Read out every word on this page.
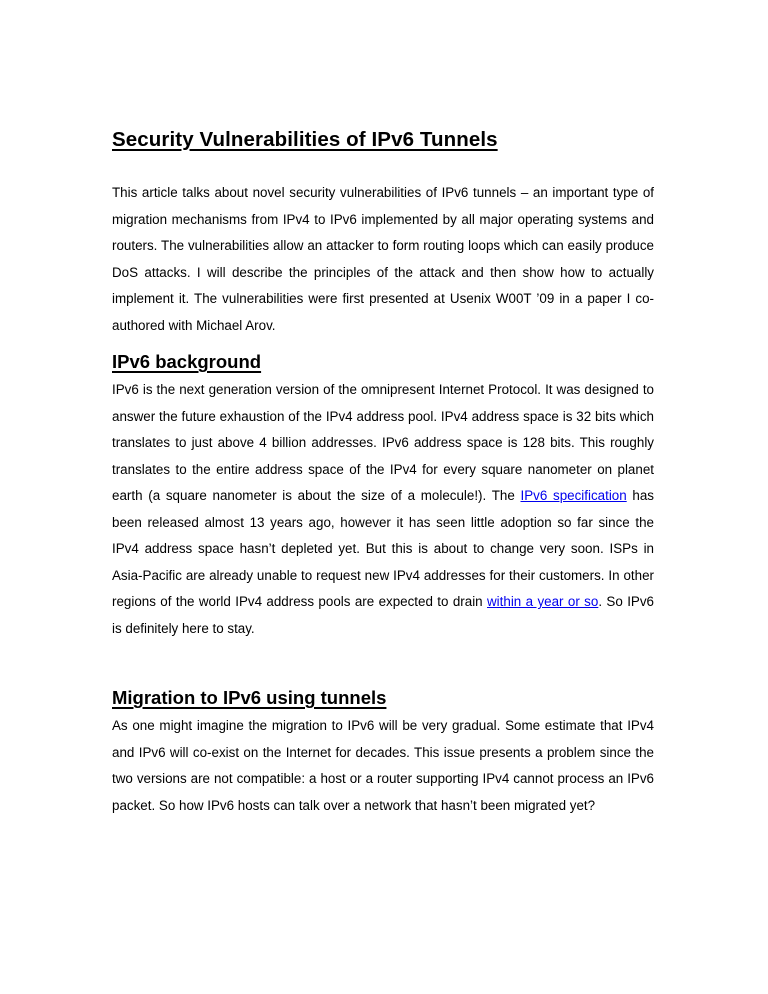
Security Vulnerabilities of IPv6 Tunnels

This article talks about novel security vulnerabilities of IPv6 tunnels – an important type of migration mechanisms from IPv4 to IPv6 implemented by all major operating systems and routers. The vulnerabilities allow an attacker to form routing loops which can easily produce DoS attacks. I will describe the principles of the attack and then show how to actually implement it. The vulnerabilities were first presented at Usenix W00T ’09 in a paper I co-authored with Michael Arov.

IPv6 background

IPv6 is the next generation version of the omnipresent Internet Protocol. It was designed to answer the future exhaustion of the IPv4 address pool. IPv4 address space is 32 bits which translates to just above 4 billion addresses. IPv6 address space is 128 bits. This roughly translates to the entire address space of the IPv4 for every square nanometer on planet earth (a square nanometer is about the size of a molecule!). The IPv6 specification has been released almost 13 years ago, however it has seen little adoption so far since the IPv4 address space hasn’t depleted yet. But this is about to change very soon. ISPs in Asia-Pacific are already unable to request new IPv4 addresses for their customers. In other regions of the world IPv4 address pools are expected to drain within a year or so. So IPv6 is definitely here to stay.

Migration to IPv6 using tunnels

As one might imagine the migration to IPv6 will be very gradual. Some estimate that IPv4 and IPv6 will co-exist on the Internet for decades. This issue presents a problem since the two versions are not compatible: a host or a router supporting IPv4 cannot process an IPv6 packet. So how IPv6 hosts can talk over a network that hasn’t been migrated yet?
